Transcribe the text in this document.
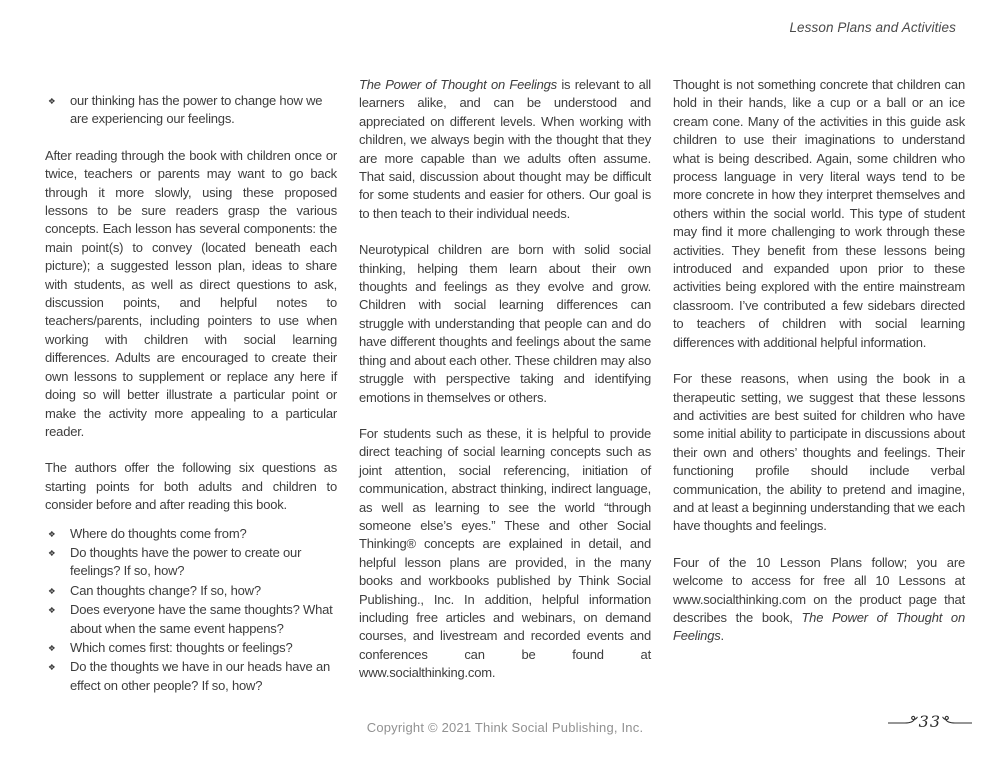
Lesson Plans and Activities
❖	our thinking has the power to change how we are experiencing our feelings.

After reading through the book with children once or twice, teachers or parents may want to go back through it more slowly, using these proposed lessons to be sure readers grasp the various concepts. Each lesson has several components: the main point(s) to convey (located beneath each picture); a suggested lesson plan, ideas to share with students, as well as direct questions to ask, discussion points, and helpful notes to teachers/parents, including pointers to use when working with children with social learning differences. Adults are encouraged to create their own lessons to supplement or replace any here if doing so will better illustrate a particular point or make the activity more appealing to a particular reader.

The authors offer the following six questions as starting points for both adults and children to consider before and after reading this book.

❖	Where do thoughts come from?
❖	Do thoughts have the power to create our feelings? If so, how?
❖	Can thoughts change? If so, how?
❖	Does everyone have the same thoughts? What about when the same event happens?
❖	Which comes first: thoughts or feelings?
❖	Do the thoughts we have in our heads have an effect on other people? If so, how?

The Power of Thought on Feelings is relevant to all learners alike, and can be understood and appreciated on different levels. When working with children, we always begin with the thought that they are more capable than we adults often assume. That said, discussion about thought may be difficult for some students and easier for others. Our goal is to then teach to their individual needs.

Neurotypical children are born with solid social thinking, helping them learn about their own thoughts and feelings as they evolve and grow. Children with social learning differences can struggle with understanding that people can and do have different thoughts and feelings about the same thing and about each other. These children may also struggle with perspective taking and identifying emotions in themselves or others.

For students such as these, it is helpful to provide direct teaching of social learning concepts such as joint attention, social referencing, initiation of communication, abstract thinking, indirect language, as well as learning to see the world “through someone else’s eyes.” These and other Social Thinking® concepts are explained in detail, and helpful lesson plans are provided, in the many books and workbooks published by Think Social Publishing., Inc. In addition, helpful information including free articles and webinars, on demand courses, and livestream and recorded events and conferences can be found at www.socialthinking.com.

Thought is not something concrete that children can hold in their hands, like a cup or a ball or an ice cream cone. Many of the activities in this guide ask children to use their imaginations to understand what is being described. Again, some children who process language in very literal ways tend to be more concrete in how they interpret themselves and others within the social world. This type of student may find it more challenging to work through these activities. They benefit from these lessons being introduced and expanded upon prior to these activities being explored with the entire mainstream classroom. I’ve contributed a few sidebars directed to teachers of children with social learning differences with additional helpful information.

For these reasons, when using the book in a therapeutic setting, we suggest that these lessons and activities are best suited for children who have some initial ability to participate in discussions about their own and others’ thoughts and feelings. Their functioning profile should include verbal communication, the ability to pretend and imagine, and at least a beginning understanding that we each have thoughts and feelings.

Four of the 10 Lesson Plans follow; you are welcome to access for free all 10 Lessons at www.socialthinking.com on the product page that describes the book, The Power of Thought on Feelings.

Copyright © 2021 Think Social Publishing, Inc.	33
